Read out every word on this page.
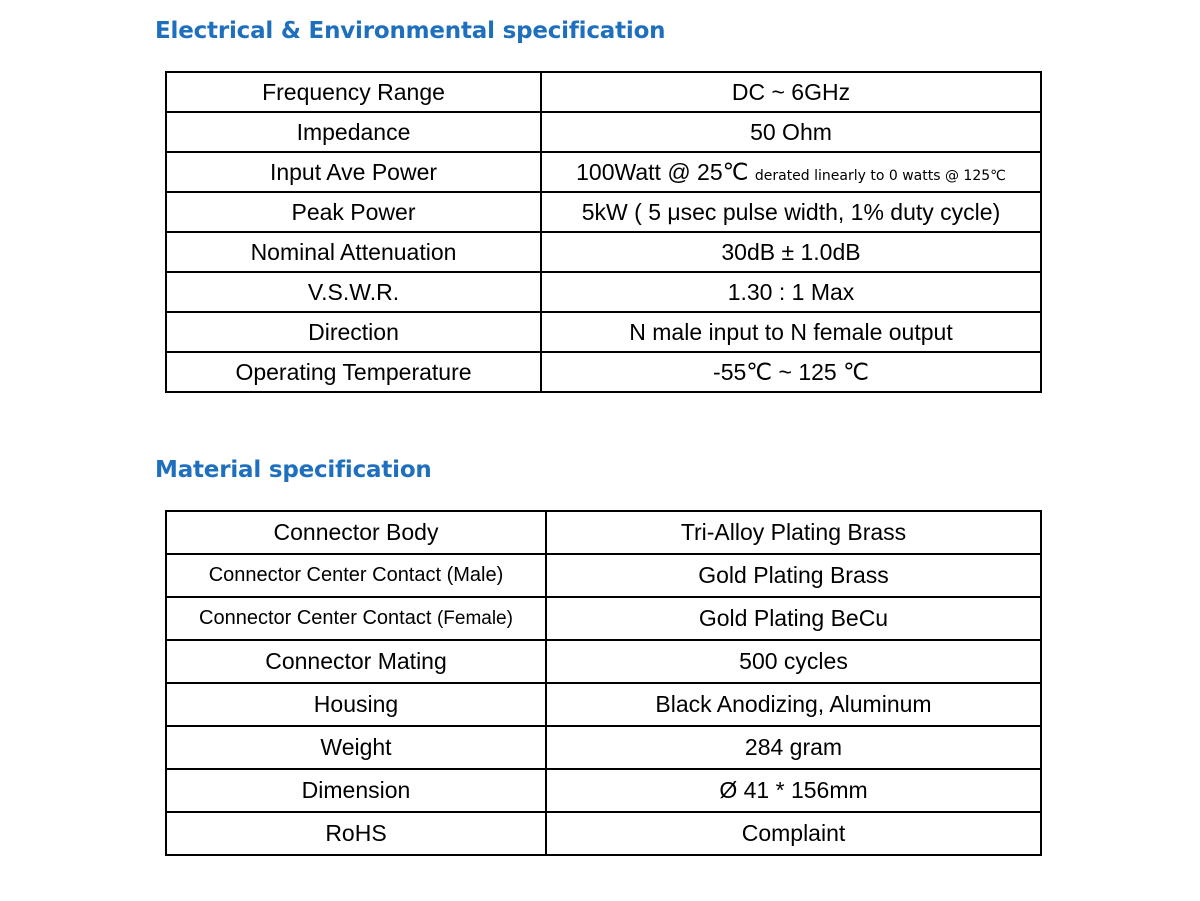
Electrical & Environmental specification
Frequency Range	DC ~ 6GHz
Impedance	50 Ohm
Input Ave Power	100Watt @ 25℃ derated linearly to 0 watts @ 125℃
Peak Power	5kW ( 5 μsec pulse width, 1% duty cycle)
Nominal Attenuation	30dB ± 1.0dB
V.S.W.R.	1.30 : 1 Max
Direction	N male input to N female output
Operating Temperature	-55℃ ~ 125 ℃
Material specification
Connector Body	Tri-Alloy Plating Brass
Connector Center Contact (Male)	Gold Plating Brass
Connector Center Contact (Female)	Gold Plating BeCu
Connector Mating	500 cycles
Housing	Black Anodizing, Aluminum
Weight	284 gram
Dimension	Ø 41 * 156mm
RoHS	Complaint
